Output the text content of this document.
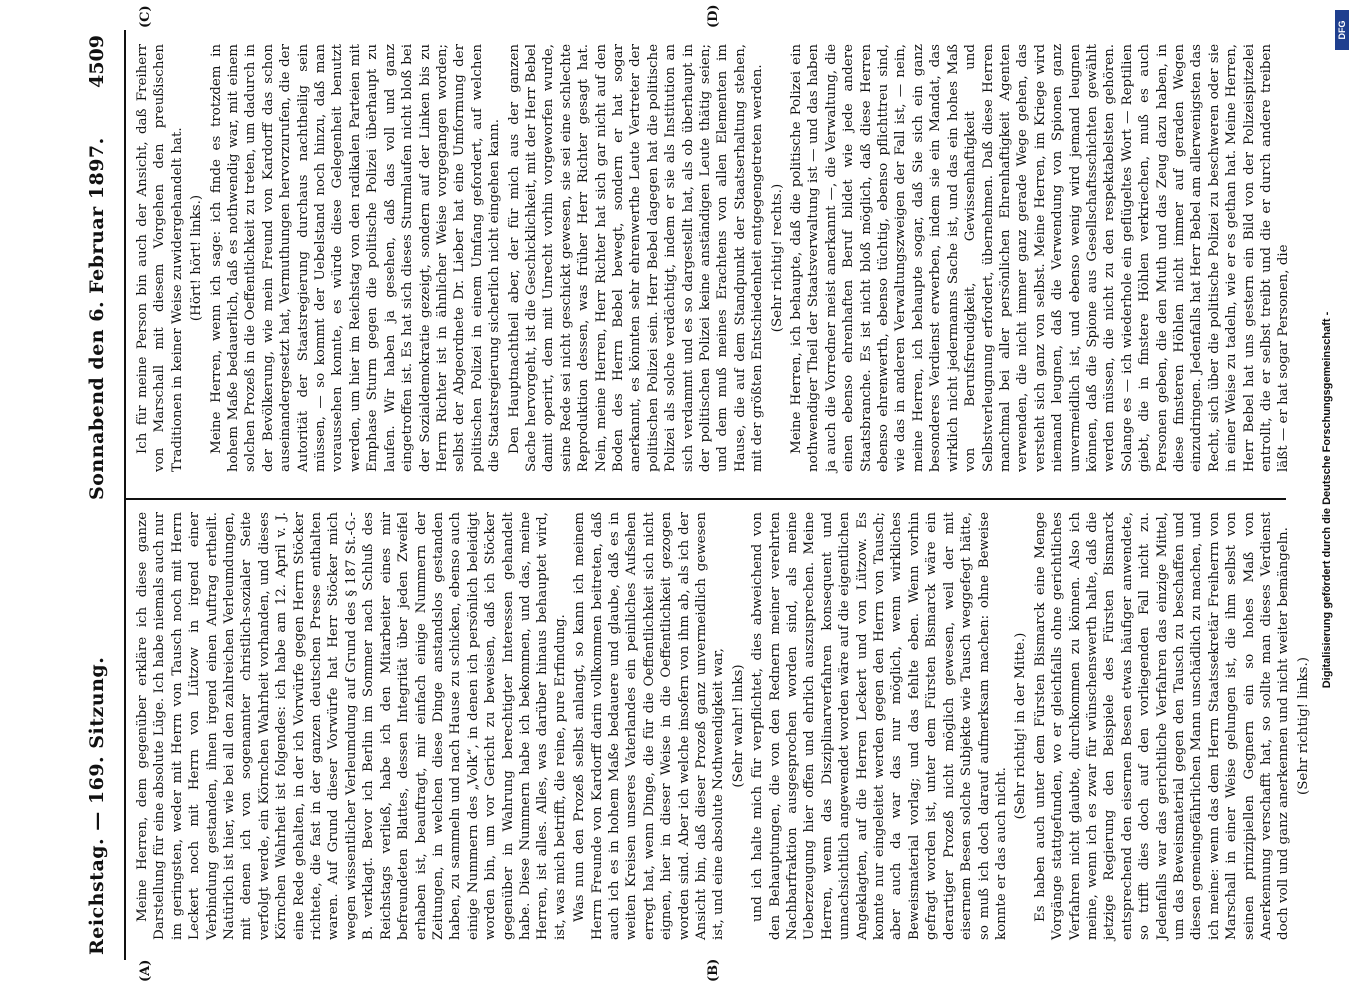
Reichstag. — 169. Sitzung.
Sonnabend den 6. Februar 1897.
4509
(A)	(B)
(C)	(D)

Meine Herren, dem gegenüber erkläre ich diese ganze Darstellung für eine absolute Lüge. Ich habe niemals auch nur im geringsten, weder mit Herrn von Tausch noch mit Herrn Leckert noch mit Herrn von Lützow in irgend einer Verbindung gestanden, ihnen irgend einen Auftrag ertheilt. Natürlich ist hier, wie bei all den zahlreichen Verleumdungen, mit denen ich von sogenannter christlich-sozialer Seite verfolgt werde, ein Körnchen Wahrheit vorhanden, und dieses Körnchen Wahrheit ist folgendes: ich habe am 12. April v. J. eine Rede gehalten, in der ich Vorwürfe gegen Herrn Stöcker richtete, die fast in der ganzen deutschen Presse enthalten waren. Auf Grund dieser Vorwürfe hat Herr Stöcker mich wegen wissentlicher Verleumdung auf Grund des § 187 St.-G.-B. verklagt. Bevor ich Berlin im Sommer nach Schluß des Reichstags verließ, habe ich den Mitarbeiter eines mir befreundeten Blattes, dessen Integrität über jeden Zweifel erhaben ist, beauftragt, mir einfach einige Nummern der Zeitungen, in welchen diese Dinge anstandslos gestanden haben, zu sammeln und nach Hause zu schicken, ebenso auch einige Nummern des „Volk“, in denen ich persönlich beleidigt worden bin, um vor Gericht zu beweisen, daß ich Stöcker gegenüber in Wahrung berechtigter Interessen gehandelt habe. Diese Nummern habe ich bekommen, und das, meine Herren, ist alles. Alles, was darüber hinaus behauptet wird, ist, was mich betrifft, die reine, pure Erfindung. Was nun den Prozeß selbst anlangt, so kann ich meinem Herrn Freunde von Kardorff darin vollkommen beitreten, daß auch ich es in hohem Maße bedauere und glaube, daß es in weiten Kreisen unseres Vaterlandes ein peinliches Aufsehen erregt hat, wenn Dinge, die für die Oeffentlichkeit sich nicht eignen, hier in dieser Weise in die Oeffentlichkeit gezogen worden sind. Aber ich welche insofern von ihm ab, als ich der Ansicht bin, daß dieser Prozeß ganz unvermeidlich gewesen ist, und eine absolute Nothwendigkeit war, (Sehr wahr! links) und ich halte mich für verpflichtet, dies abweichend von den Behauptungen, die von den Rednern meiner verehrten Nachbarfraktion ausgesprochen worden sind, als meine Ueberzeugung hier offen und ehrlich auszusprechen. Meine Herren, wenn das Disziplinarverfahren konsequent und unnachsichtlich angewendet worden wäre auf die eigentlichen Angeklagten, auf die Herren Leckert und von Lützow. Es konnte nur eingeleitet werden gegen den Herrn von Tausch; aber auch da war das nur möglich, wenn wirkliches Beweismaterial vorlag; und das fehlte eben. Wenn vorhin gefragt worden ist, unter dem Fürsten Bismarck wäre ein derartiger Prozeß nicht möglich gewesen, weil der mit eisernem Besen solche Subjekte wie Tausch weggefegt hätte, so muß ich doch darauf aufmerksam machen: ohne Beweise konnte er das auch nicht.

(Sehr richtig! in der Mitte.) Es haben auch unter dem Fürsten Bismarck eine Menge Vorgänge stattgefunden, wo er gleichfalls ohne gerichtliches Verfahren nicht glaubte, durchkommen zu können. Also ich meine, wenn ich es zwar für wünschenswerth halte, daß die jetzige Regierung den Beispiele des Fürsten Bismarck entsprechend den eisernen Besen etwas häufiger anwendete, so trifft dies doch auf den vorliegenden Fall nicht zu. Jedenfalls war das gerichtliche Verfahren das einzige Mittel, um das Beweismaterial gegen den Tausch zu beschaffen und diesen gemeingefährlichen Mann unschädlich zu machen, und ich meine: wenn das dem Herrn Staatssekretär Freiherrn von Marschall in einer Weise gelungen ist, die ihm selbst von seinen prinzipiellen Gegnern ein so hohes Maß von Anerkennung verschafft hat, so sollte man dieses Verdienst doch voll und ganz anerkennen und nicht weiter bemängeln. (Sehr richtig! links.)

Ich für meine Person bin auch der Ansicht, daß Freiherr von Marschall mit diesem Vorgehen den preußischen Traditionen in keiner Weise zuwidergehandelt hat. (Hört! hört! links.) Meine Herren, wenn ich sage: ich finde es trotzdem in hohem Maße bedauerlich, daß es nothwendig war, mit einem solchen Prozeß in die Oeffentlichkeit zu treten, um dadurch in der Bevölkerung, wie mein Freund von Kardorff das schon auseinandergesetzt hat, Vermuthungen hervorzurufen, die der Autorität der Staatsregierung durchaus nachtheilig sein müssen, — so kommt der Uebelstand noch hinzu, daß man voraussehen konnte, es würde diese Gelegenheit benutzt werden, um hier im Reichstag von den radikalen Parteien mit Emphase Sturm gegen die politische Polizei überhaupt zu laufen. Wir haben ja gesehen, daß das voll und ganz eingetroffen ist. Es hat sich dieses Sturmlaufen nicht bloß bei der Sozialdemokratie gezeigt, sondern auf der Linken bis zu Herrn Richter ist in ähnlicher Weise vorgegangen worden; selbst der Abgeordnete Dr. Lieber hat eine Umformung der politischen Polizei in einem Umfang gefordert, auf welchen die Staatsregierung sicherlich nicht eingehen kann. Den Hauptnachtheil aber, der für mich aus der ganzen Sache hervorgeht, ist die Geschicklichkeit, mit der Herr Bebel damit operirt, dem mit Unrecht vorhin vorgeworfen wurde, seine Rede sei nicht geschickt gewesen, sie sei eine schlechte Reproduktion dessen, was früher Herr Richter gesagt hat. Nein, meine Herren, Herr Richter hat sich gar nicht auf den Boden des Herrn Bebel bewegt, sondern er hat sogar anerkannt, es könnten sehr ehrenwerthe Leute Vertreter der politischen Polizei sein. Herr Bebel dagegen hat die politische Polizei als solche verdächtigt, indem er sie als Institution an sich verdammt und es so dargestellt hat, als ob überhaupt in der politischen Polizei keine anständigen Leute thätig seien; und dem muß meines Erachtens von allen Elementen im Hause, die auf dem Standpunkt der Staatserhaltung stehen, mit der größten Entschiedenheit entgegengetreten werden. (Sehr richtig! rechts.) Meine Herren, ich behaupte, daß die politische Polizei ein nothwendiger Theil der Staatsverwaltung ist — und das haben ja auch die Vorredner meist anerkannt —, die Verwaltung, die einen ebenso ehrenhaften Beruf bildet wie jede andere Staatsbranche. Es ist nicht bloß möglich, daß diese Herren ebenso ehrenwerth, ebenso tüchtig, ebenso pflichttreu sind, wie das in anderen Verwaltungszweigen der Fall ist, — nein, meine Herren, ich behaupte sogar, daß Sie sich ein ganz besonderes Verdienst erwerben, indem sie ein Mandat, das wirklich nicht jedermanns Sache ist, und das ein hohes Maß von Berufsfreudigkeit, Gewissenhaftigkeit und Selbstverleugnung erfordert, übernehmen. Daß diese Herren manchmal bei aller persönlichen Ehrenhaftigkeit Agenten verwenden, die nicht immer ganz gerade Wege gehen, das versteht sich ganz von selbst. Meine Herren, im Kriege wird niemand leugnen, daß die Verwendung von Spionen ganz unvermeidlich ist, und ebenso wenig wird jemand leugnen können, daß die Spione aus Gesellschaftsschichten gewählt werden müssen, die nicht zu den respektabelsten gehören. Solange es — ich wiederhole ein geflügeltes Wort — Reptilien giebt, die in finstere Höhlen verkriechen, muß es auch Personen geben, die den Muth und das Zeug dazu haben, in diese finsteren Höhlen nicht immer auf geraden Wegen einzudringen. Jedenfalls hat Herr Bebel am allerwenigsten das Recht, sich über die politische Polizei zu beschweren oder sie in einer Weise zu tadeln, wie er es gethan hat. Meine Herren, Herr Bebel hat uns gestern ein Bild von der Polizeispitzelei entrollt, die er selbst treibt und die er durch andere treiben läßt — er hat sogar Personen, die	Digitalisierung gefördert durch die Deutsche Forschungsgemeinschaft -
DFG
